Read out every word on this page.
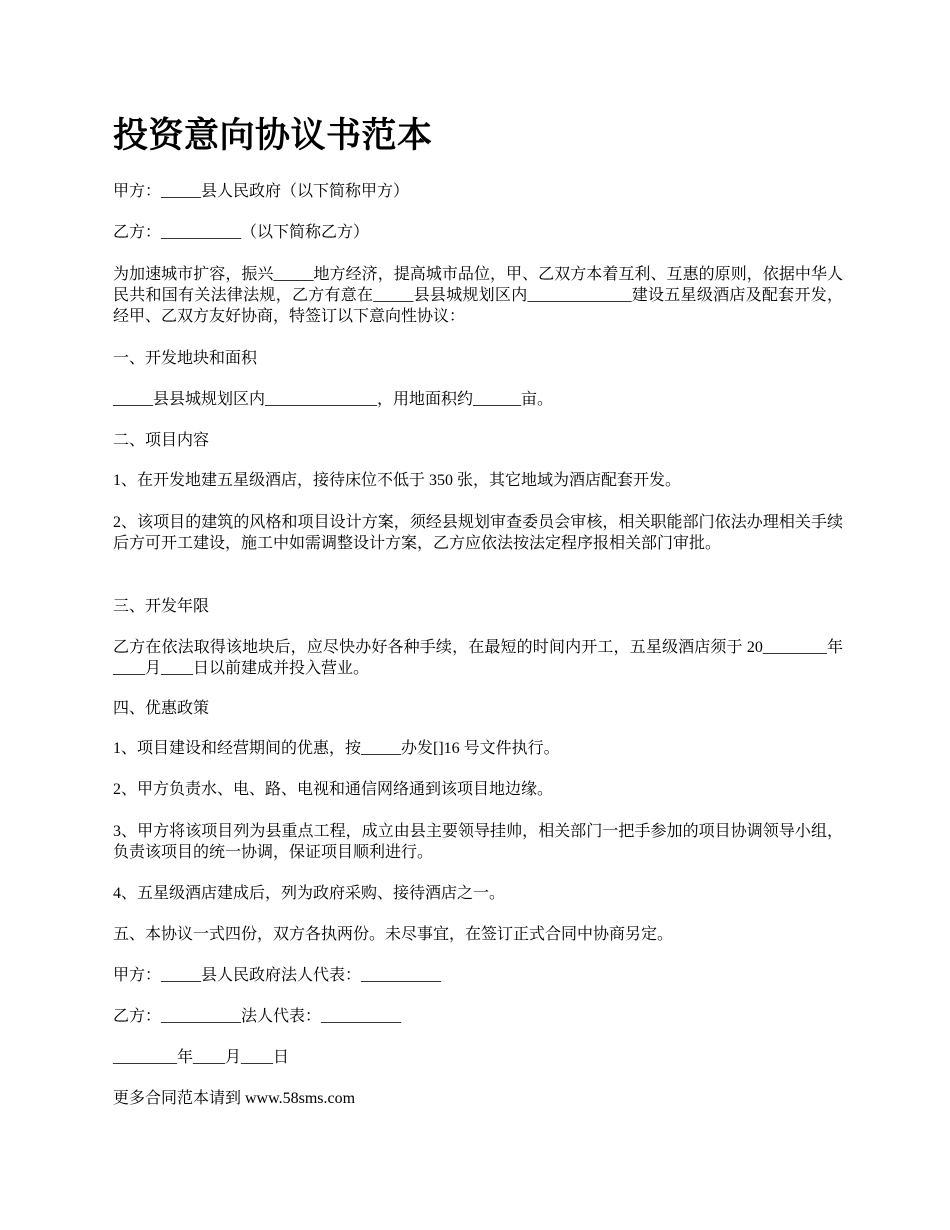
投资意向协议书范本

甲方：_____县人民政府（以下简称甲方）

乙方：__________（以下简称乙方）

为加速城市扩容，振兴_____地方经济，提高城市品位，甲、乙双方本着互利、互惠的原则，依据中华人民共和国有关法律法规，乙方有意在_____县县城规划区内_____________建设五星级酒店及配套开发，经甲、乙双方友好协商，特签订以下意向性协议：

一、开发地块和面积

_____县县城规划区内______________，用地面积约______亩。

二、项目内容

1、在开发地建五星级酒店，接待床位不低于 350 张，其它地域为酒店配套开发。

2、该项目的建筑的风格和项目设计方案，须经县规划审查委员会审核，相关职能部门依法办理相关手续后方可开工建设，施工中如需调整设计方案，乙方应依法按法定程序报相关部门审批。

三、开发年限

乙方在依法取得该地块后，应尽快办好各种手续，在最短的时间内开工，五星级酒店须于 20________年____月____日以前建成并投入营业。

四、优惠政策

1、项目建设和经营期间的优惠，按_____办发[]16 号文件执行。

2、甲方负责水、电、路、电视和通信网络通到该项目地边缘。

3、甲方将该项目列为县重点工程，成立由县主要领导挂帅，相关部门一把手参加的项目协调领导小组，负责该项目的统一协调，保证项目顺利进行。

4、五星级酒店建成后，列为政府采购、接待酒店之一。

五、本协议一式四份，双方各执两份。未尽事宜，在签订正式合同中协商另定。

甲方：_____县人民政府法人代表：__________

乙方：__________法人代表：__________

________年____月____日

更多合同范本请到 www.58sms.com
